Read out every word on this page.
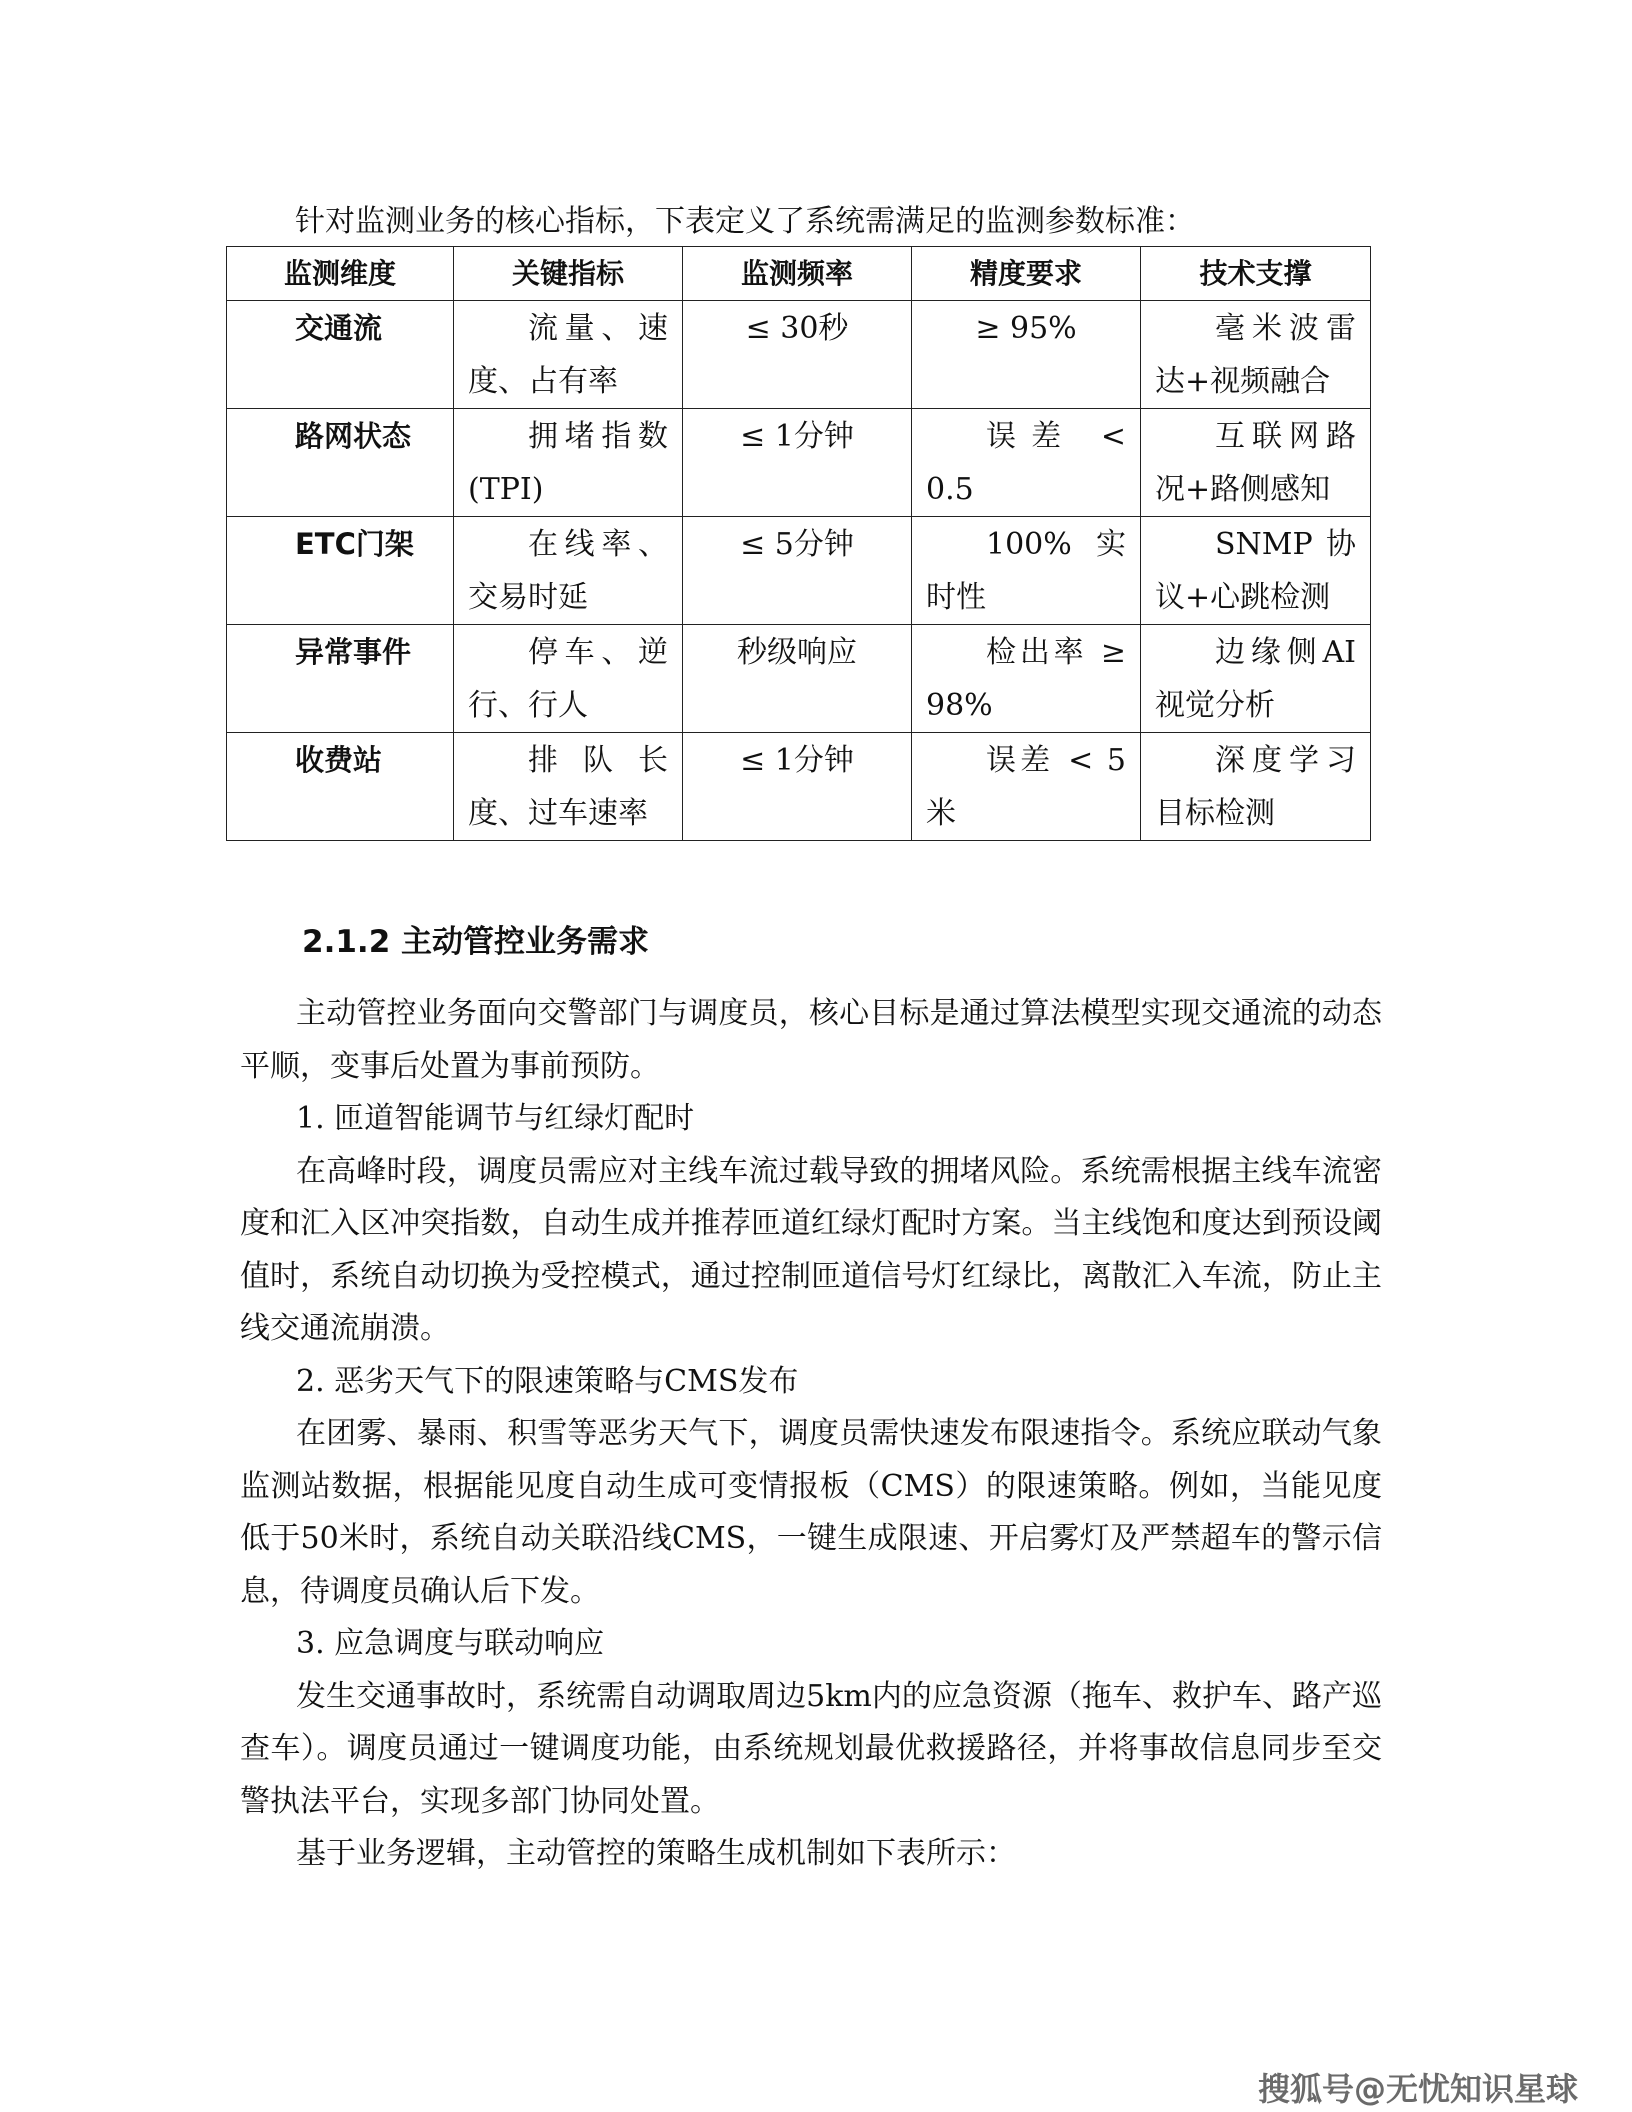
针对监测业务的核心指标，下表定义了系统需满足的监测参数标准：
监测维度	关键指标	监测频率	精度要求	技术支撑
交通流	流量、速度、占有率	≤ 30秒	≥ 95%	毫米波雷达+视频融合
路网状态	拥堵指数(TPI)	≤ 1分钟	误差 < 0.5	互联网路况+路侧感知
ETC门架	在线率、交易时延	≤ 5分钟	100% 实时性	SNMP协议+心跳检测
异常事件	停车、逆行、行人	秒级响应	检出率 ≥ 98%	边缘侧AI视觉分析
收费站	排队长度、过车速率	≤ 1分钟	误差 < 5米	深度学习目标检测
2.1.2 主动管控业务需求

主动管控业务面向交警部门与调度员，核心目标是通过算法模型实现交通流的动态平顺，变事后处置为事前预防。

1. 匝道智能调节与红绿灯配时

在高峰时段，调度员需应对主线车流过载导致的拥堵风险。系统需根据主线车流密度和汇入区冲突指数，自动生成并推荐匝道红绿灯配时方案。当主线饱和度达到预设阈值时，系统自动切换为受控模式，通过控制匝道信号灯红绿比，离散汇入车流，防止主线交通流崩溃。

2. 恶劣天气下的限速策略与CMS发布

在团雾、暴雨、积雪等恶劣天气下，调度员需快速发布限速指令。系统应联动气象监测站数据，根据能见度自动生成可变情报板（CMS）的限速策略。例如，当能见度低于50米时，系统自动关联沿线CMS，一键生成限速、开启雾灯及严禁超车的警示信息，待调度员确认后下发。

3. 应急调度与联动响应

发生交通事故时，系统需自动调取周边5km内的应急资源（拖车、救护车、路产巡查车）。调度员通过一键调度功能，由系统规划最优救援路径，并将事故信息同步至交警执法平台，实现多部门协同处置。

基于业务逻辑，主动管控的策略生成机制如下表所示：

搜狐号@无忧知识星球
